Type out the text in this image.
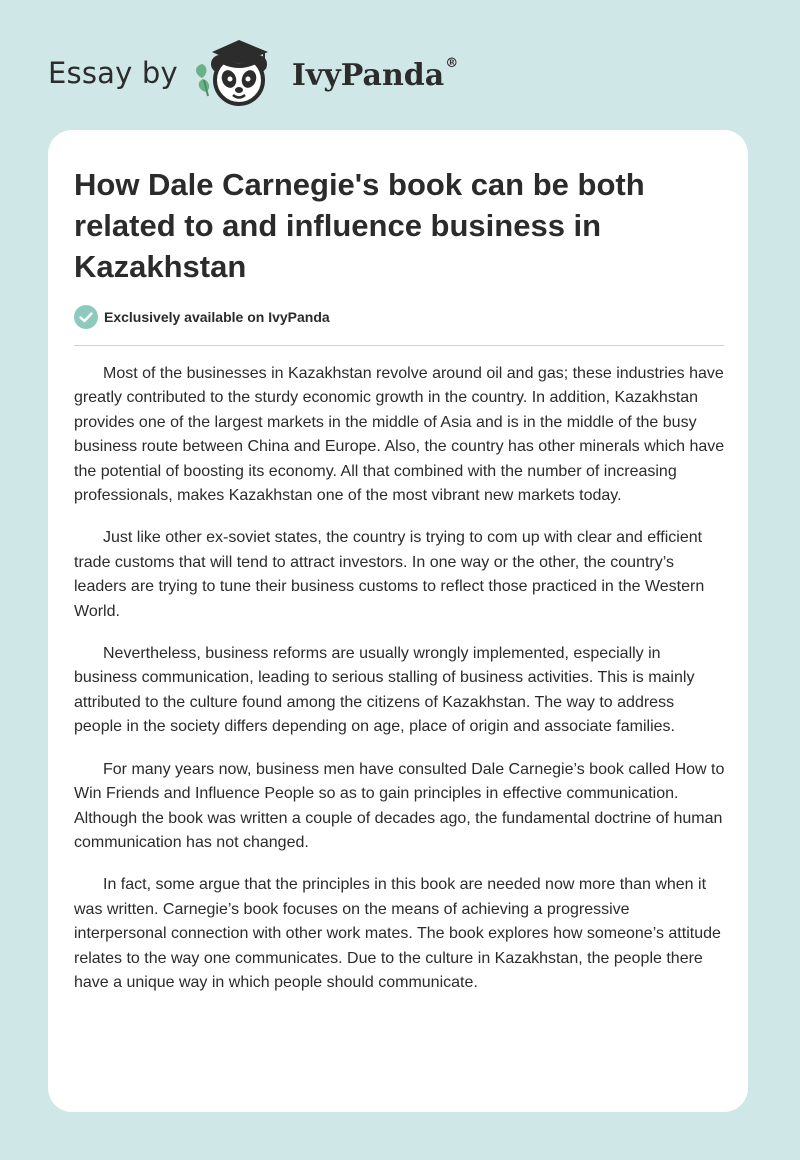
Essay by	IvyPanda®
How Dale Carnegie's book can be both related to and influence business in Kazakhstan
Exclusively available on IvyPanda

Most of the businesses in Kazakhstan revolve around oil and gas; these industries have greatly contributed to the sturdy economic growth in the country. In addition, Kazakhstan provides one of the largest markets in the middle of Asia and is in the middle of the busy business route between China and Europe. Also, the country has other minerals which have the potential of boosting its economy. All that combined with the number of increasing professionals, makes Kazakhstan one of the most vibrant new markets today.

Just like other ex-soviet states, the country is trying to com up with clear and efficient trade customs that will tend to attract investors. In one way or the other, the country’s leaders are trying to tune their business customs to reflect those practiced in the Western World.

Nevertheless, business reforms are usually wrongly implemented, especially in business communication, leading to serious stalling of business activities. This is mainly attributed to the culture found among the citizens of Kazakhstan. The way to address people in the society differs depending on age, place of origin and associate families.

For many years now, business men have consulted Dale Carnegie’s book called How to Win Friends and Influence People so as to gain principles in effective communication. Although the book was written a couple of decades ago, the fundamental doctrine of human communication has not changed.

In fact, some argue that the principles in this book are needed now more than when it was written. Carnegie’s book focuses on the means of achieving a progressive interpersonal connection with other work mates. The book explores how someone’s attitude relates to the way one communicates. Due to the culture in Kazakhstan, the people there have a unique way in which people should communicate.
